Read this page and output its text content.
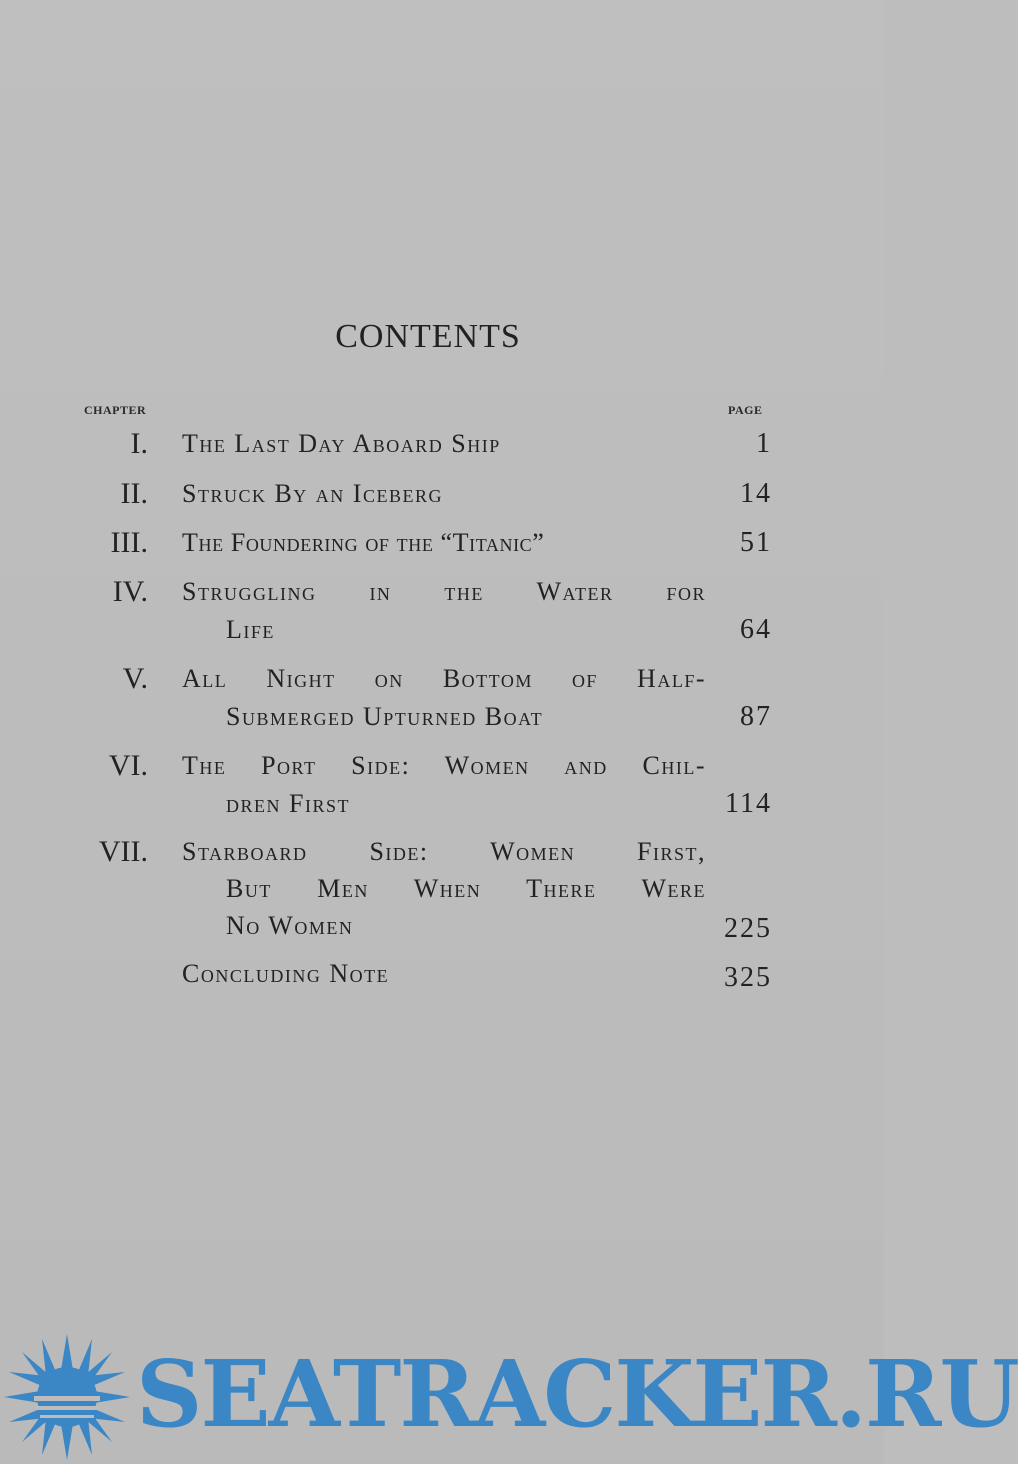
CONTENTS
CHAPTER	PAGE
I. The Last Day Aboard Ship	1
II. Struck By an Iceberg	14
III. The Foundering of the “Titanic”	51
IV. Struggling in the Water for
Life	64
V. All Night on Bottom of Half-
Submerged Upturned Boat	87
VI. The Port Side: Women and Chil-
dren First	114
VII. Starboard Side: Women First,
But Men When There Were
No Women	225
Concluding Note	325
SEATRACKER.RU
